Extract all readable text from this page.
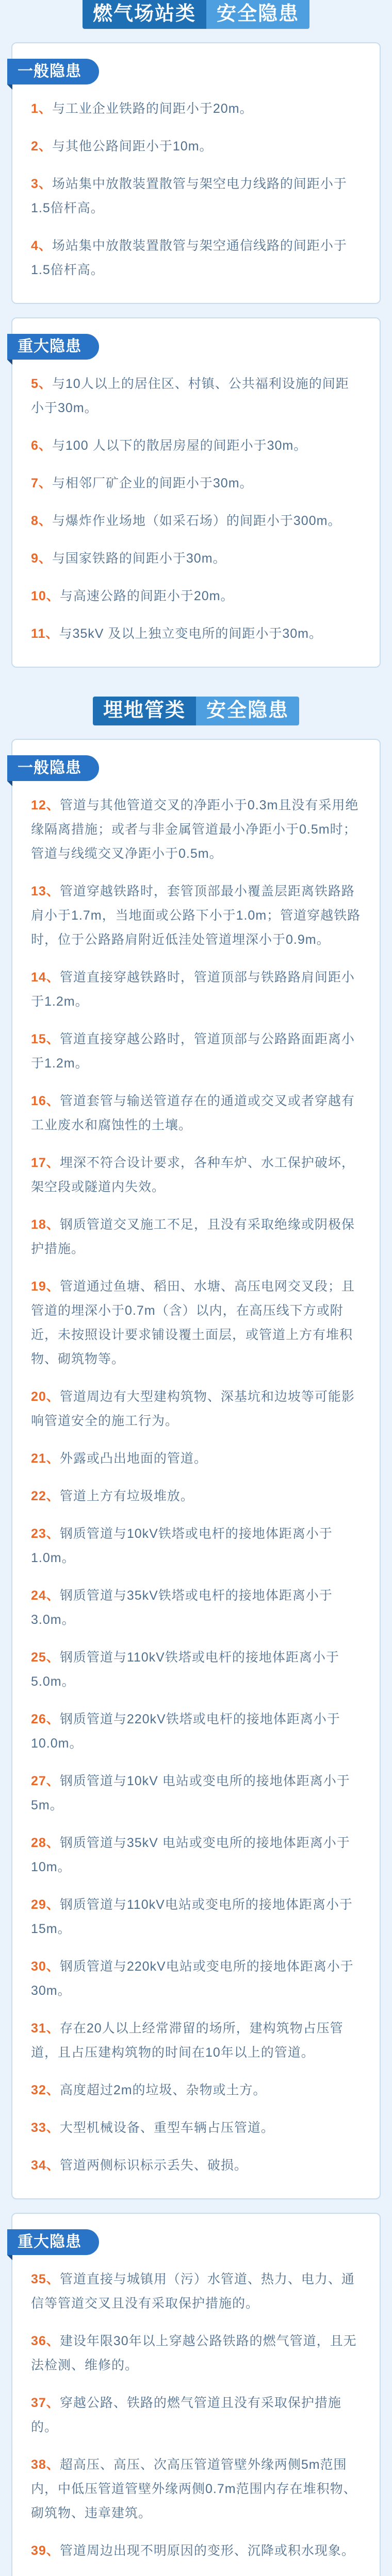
燃气场站类	安全隐患
一般隐患

1、与工业企业铁路的间距小于20m。

2、与其他公路间距小于10m。

3、场站集中放散装置散管与架空电力线路的间距小于1.5倍杆高。

4、场站集中放散装置散管与架空通信线路的间距小于1.5倍杆高。

重大隐患

5、与10人以上的居住区、村镇、公共福利设施的间距小于30m。

6、与100 人以下的散居房屋的间距小于30m。

7、与相邻厂矿企业的间距小于30m。

8、与爆炸作业场地（如采石场）的间距小于300m。

9、与国家铁路的间距小于30m。

10、与高速公路的间距小于20m。

11、与35kV 及以上独立变电所的间距小于30m。

埋地管类	安全隐患
一般隐患

12、管道与其他管道交叉的净距小于0.3m且没有采用绝缘隔离措施；或者与非金属管道最小净距小于0.5m时；管道与线缆交叉净距小于0.5m。

13、管道穿越铁路时，套管顶部最小覆盖层距离铁路路肩小于1.7m，当地面或公路下小于1.0m；管道穿越铁路时，位于公路路肩附近低洼处管道埋深小于0.9m。

14、管道直接穿越铁路时，管道顶部与铁路路肩间距小于1.2m。

15、管道直接穿越公路时，管道顶部与公路路面距离小于1.2m。

16、管道套管与输送管道存在的通道或交叉或者穿越有工业废水和腐蚀性的土壤。

17、埋深不符合设计要求，各种车炉、水工保护破坏，架空段或隧道内失效。

18、钢质管道交叉施工不足，且没有采取绝缘或阴极保护措施。

19、管道通过鱼塘、稻田、水塘、高压电网交叉段；且管道的埋深小于0.7m（含）以内，在高压线下方或附近，未按照设计要求铺设覆土面层，或管道上方有堆积物、砌筑物等。

20、管道周边有大型建构筑物、深基坑和边坡等可能影响管道安全的施工行为。

21、外露或凸出地面的管道。

22、管道上方有垃圾堆放。

23、钢质管道与10kV铁塔或电杆的接地体距离小于1.0m。

24、钢质管道与35kV铁塔或电杆的接地体距离小于3.0m。

25、钢质管道与110kV铁塔或电杆的接地体距离小于5.0m。

26、钢质管道与220kV铁塔或电杆的接地体距离小于10.0m。

27、钢质管道与10kV 电站或变电所的接地体距离小于5m。

28、钢质管道与35kV 电站或变电所的接地体距离小于10m。

29、钢质管道与110kV电站或变电所的接地体距离小于15m。

30、钢质管道与220kV电站或变电所的接地体距离小于30m。

31、存在20人以上经常滞留的场所，建构筑物占压管道，且占压建构筑物的时间在10年以上的管道。

32、高度超过2m的垃圾、杂物或土方。

33、大型机械设备、重型车辆占压管道。

34、管道两侧标识标示丢失、破损。

重大隐患

35、管道直接与城镇用（污）水管道、热力、电力、通信等管道交叉且没有采取保护措施的。

36、建设年限30年以上穿越公路铁路的燃气管道，且无法检测、维修的。

37、穿越公路、铁路的燃气管道且没有采取保护措施的。

38、超高压、高压、次高压管道管壁外缘两侧5m范围内，中低压管道管壁外缘两侧0.7m范围内存在堆积物、砌筑物、违章建筑。

39、管道周边出现不明原因的变形、沉降或积水现象。
